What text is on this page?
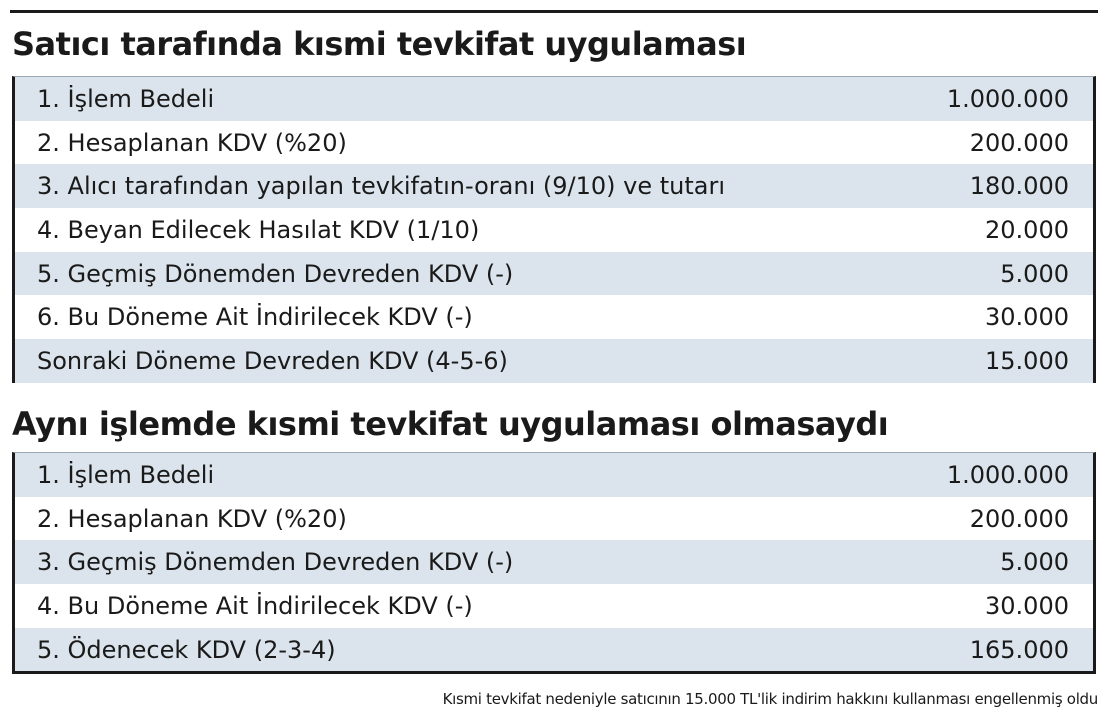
Satıcı tarafında kısmi tevkifat uygulaması
1. İşlem Bedeli	1.000.000
2. Hesaplanan KDV (%20)	200.000
3. Alıcı tarafından yapılan tevkifatın-oranı (9/10) ve tutarı	180.000
4. Beyan Edilecek Hasılat KDV (1/10)	20.000
5. Geçmiş Dönemden Devreden KDV (-)	5.000
6. Bu Döneme Ait İndirilecek KDV (-)	30.000
Sonraki Döneme Devreden KDV (4-5-6)	15.000
Aynı işlemde kısmi tevkifat uygulaması olmasaydı
1. İşlem Bedeli	1.000.000
2. Hesaplanan KDV (%20)	200.000
3. Geçmiş Dönemden Devreden KDV (-)	5.000
4. Bu Döneme Ait İndirilecek KDV (-)	30.000
5. Ödenecek KDV (2-3-4)	165.000
Kısmi tevkifat nedeniyle satıcının 15.000 TL'lik indirim hakkını kullanması engellenmiş oldu
